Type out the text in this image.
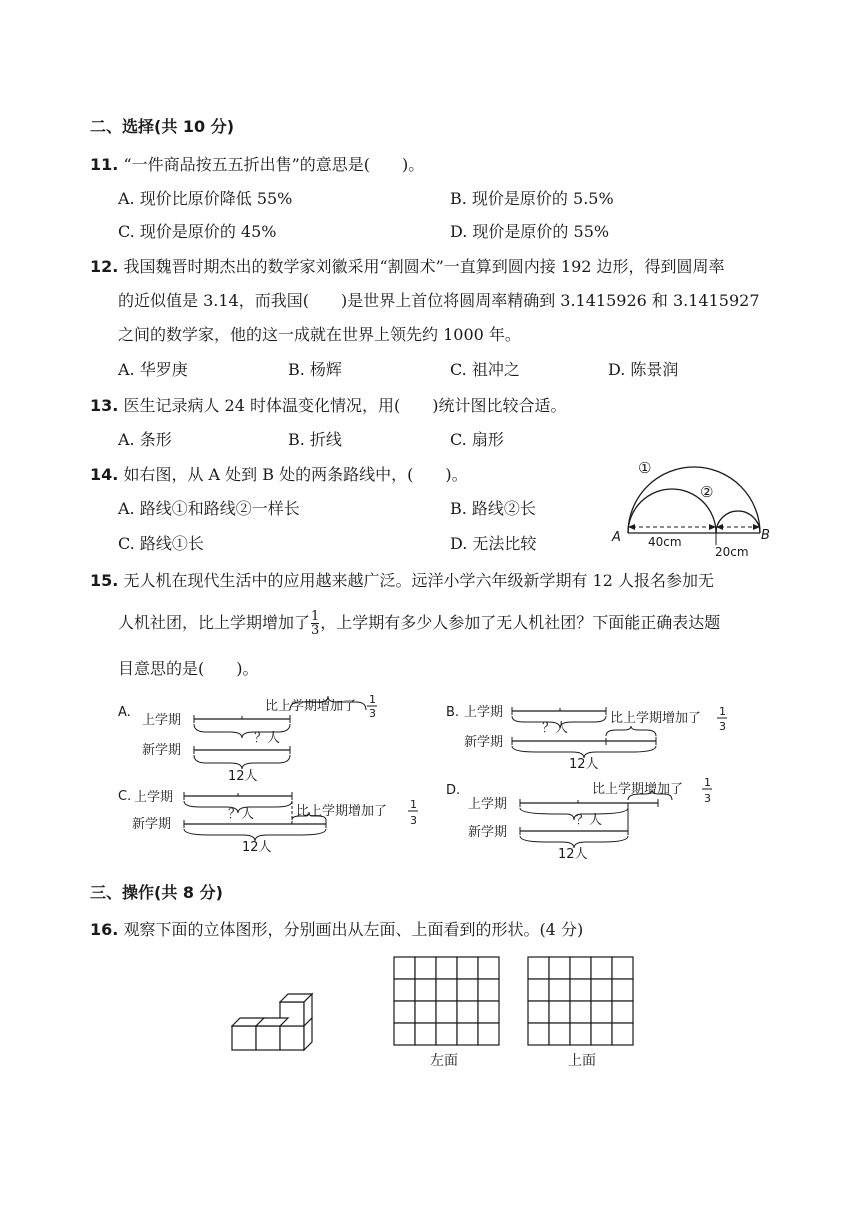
二、选择(共 10 分)
11. “一件商品按五五折出售”的意思是(　　)。
A. 现价比原价降低 55%	B. 现价是原价的 5.5%
C. 现价是原价的 45%	D. 现价是原价的 55%
12. 我国魏晋时期杰出的数学家刘徽采用“割圆术”一直算到圆内接 192 边形，得到圆周率
的近似值是 3.14，而我国(　　)是世界上首位将圆周率精确到 3.1415926 和 3.1415927
之间的数学家，他的这一成就在世界上领先约 1000 年。
A. 华罗庚	B. 杨辉	C. 祖冲之	D. 陈景润
13. 医生记录病人 24 时体温变化情况，用(　　)统计图比较合适。
A. 条形	B. 折线	C. 扇形
14. 如右图，从 A 处到 B 处的两条路线中，(　　)。
A. 路线①和路线②一样长	B. 路线②长
C. 路线①长	D. 无法比较
①
②
A	B
40cm
20cm
15. 无人机在现代生活中的应用越来越广泛。远洋小学六年级新学期有 12 人报名参加无
人机社团，比上学期增加了 $\frac{1}{3}$ ，上学期有多少人参加了无人机社团？下面能正确表达题
目意思的是(　　)。
A.
上学期
比上学期增加了 1
3
？人
新学期
12人
B. 上学期
？人
比上学期增加了 1
3
新学期
12人
C. 上学期
？人	比上学期增加了 1
3
新学期
12人
D.
上学期
比上学期增加了 1
3
新学期
？人
12人
三、操作(共 8 分)
16. 观察下面的立体图形，分别画出从左面、上面看到的形状。(4 分)
左面	上面
